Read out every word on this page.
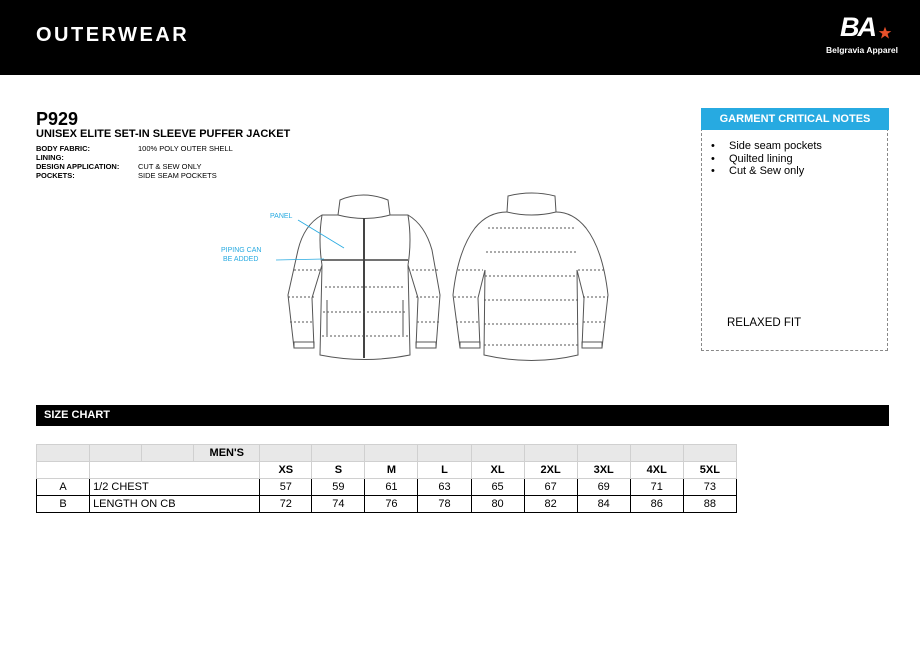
OUTERWEAR	BA
Belgravia Apparel
P929
UNISEX ELITE SET-IN SLEEVE PUFFER JACKET
BODY FABRIC:	100% POLY OUTER SHELL
LINING:
DESIGN APPLICATION:	CUT & SEW ONLY
POCKETS:	SIDE SEAM POCKETS
PANEL
PIPING CAN
BE ADDED
GARMENT CRITICAL NOTES
• Side seam pockets
• Quilted lining
• Cut & Sew only
RELAXED FIT
SIZE CHART
			MEN'S									
				XS	S	M	L	XL	2XL	3XL	4XL	5XL
A	1/2 CHEST			57	59	61	63	65	67	69	71	73
B	LENGTH ON CB			72	74	76	78	80	82	84	86	88
